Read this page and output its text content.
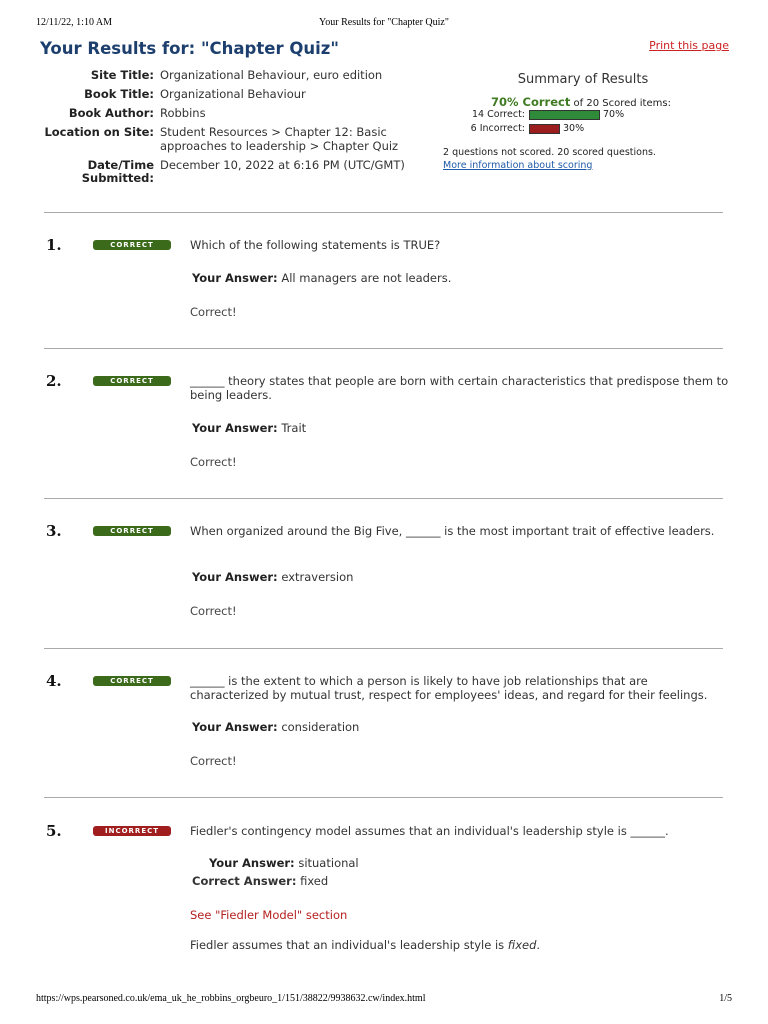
12/11/22, 1:10 AM	Your Results for "Chapter Quiz"
Your Results for: "Chapter Quiz"	Print this page
Site Title: Organizational Behaviour, euro edition
Book Title: Organizational Behaviour
Book Author: Robbins
Location on Site: Student Resources > Chapter 12: Basic approaches to leadership > Chapter Quiz
Date/Time Submitted:
December 10, 2022 at 6:16 PM (UTC/GMT)
Summary of Results
70% Correct of 20 Scored items:
14 Correct:	70%
6 Incorrect:	30%
2 questions not scored. 20 scored questions.
More information about scoring
1.	CORRECT	Which of the following statements is TRUE?
Your Answer: All managers are not leaders.
Correct!
2.	CORRECT	______ theory states that people are born with certain characteristics that predispose them to being leaders.
Your Answer: Trait
Correct!
3.	CORRECT	When organized around the Big Five, ______ is the most important trait of effective leaders.
Your Answer: extraversion
Correct!
4.	CORRECT	______ is the extent to which a person is likely to have job relationships that are characterized by mutual trust, respect for employees' ideas, and regard for their feelings.
Your Answer: consideration
Correct!
5.	INCORRECT	Fiedler's contingency model assumes that an individual's leadership style is ______.
Your Answer: situational
Correct Answer: fixed
See "Fiedler Model" section
Fiedler assumes that an individual's leadership style is fixed.
https://wps.pearsoned.co.uk/ema_uk_he_robbins_orgbeuro_1/151/38822/9938632.cw/index.html	1/5
